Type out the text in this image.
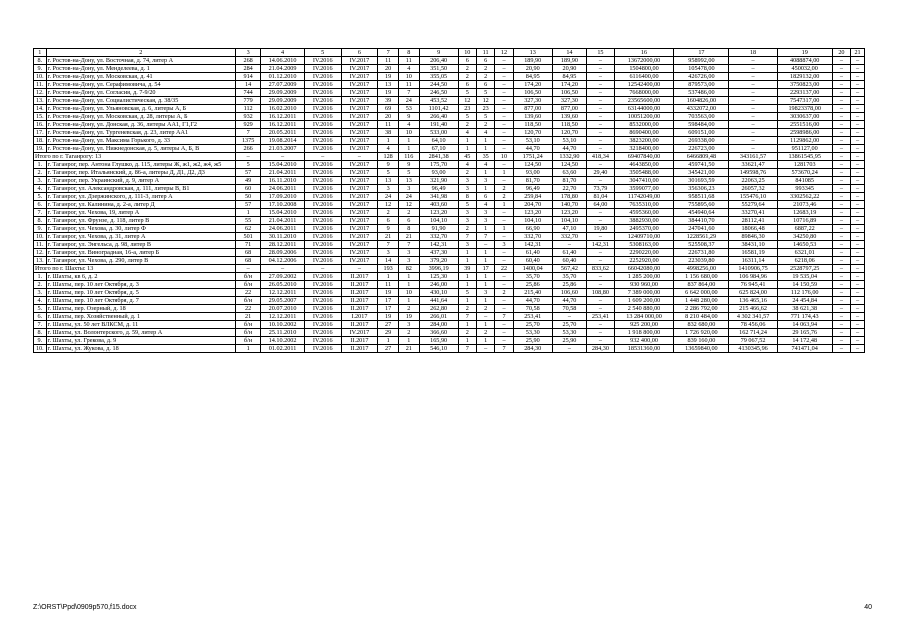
1	2	3	4	5	6	7	8	9	10	11	12	13	14	15	16	17	18	19	20	21
8.	г. Ростов-на-Дону, ул. Восточная, д. 74, литер А	268	14.06.2010	IV.2016	IV.2017	11	11	206,40	6	6	–	189,90	189,90	–	13672000,00	958992,00	–	4088874,00	–	–
9.	г. Ростов-на-Дону, ул. Менделеева, д. 1	284	21.04.2009	IV.2016	IV.2017	20	4	351,50	2	2	–	20,90	20,90	–	1504800,00	105478,00	–	450032,00	–	–
10.	г. Ростов-на-Дону, ул. Московская, д. 41	914	01.12.2010	IV.2016	IV.2017	19	10	355,05	2	2	–	84,95	84,95	–	6116400,00	426726,00	–	1829132,00	–	–
11.	г. Ростов-на-Дону, ул. Серафимовича, д. 54	14	27.07.2009	IV.2016	IV.2017	13	11	244,50	6	6	–	174,20	174,20	–	12542400,00	879573,00	–	3750823,00	–	–
12.	г. Ростов-на-Дону, ул. Согласия, д. 7-9/20	744	29.09.2009	IV.2016	IV.2017	19	7	246,50	5	5	–	106,50	106,50	–	7668000,00	537486,00	–	2293137,00	–	–
13.	г. Ростов-на-Дону, ул. Социалистическая, д. 38/35	779	29.09.2009	IV.2016	IV.2017	39	24	453,52	12	12	–	327,30	327,30	–	23565600,00	1604826,00	–	7547317,00	–	–
14.	г. Ростов-на-Дону, ул. Ульяновская, д. 6, литеры А, Б	112	16.02.2010	IV.2016	IV.2017	69	53	1101,42	23	23	–	877,00	877,00	–	63144000,00	4332072,00	–	19823378,00	–	–
15.	г. Ростов-на-Дону, ул. Московская, д. 28, литеры А, Б	932	16.12.2011	IV.2016	IV.2017	20	9	266,40	5	5	–	139,60	139,60	–	10051200,00	703563,00	–	3030637,00	–	–
16.	г. Ростов-на-Дону, ул. Донская, д. 36, литеры АА1, Г1,Г2	929	16.12.2011	IV.2016	IV.2017	11	4	191,40	2	2	–	118,50	118,50	–	8532000,00	598484,00	–	2551516,00	–	–
17.	г. Ростов-на-Дону, ул. Тургеневская, д. 23, литер АА1	7	20.05.2011	IV.2016	IV.2017	38	10	533,00	4	4	–	120,70	120,70	–	8690400,00	609151,00	–	2598986,00	–	–
18.	г. Ростов-на-Дону, ул. Максима Горького, д. 33	1375	19.08.2014	IV.2016	IV.2017	1	1	64,10	1	1	–	53,10	53,10	–	3823200,00	269338,00	–	1129862,00	–	–
19.	г. Ростов-на-Дону, ул. Нижнедонская, д. 5, литеры А, Б, В	266	21.03.2007	IV.2016	IV.2017	4	1	67,10	1	1	–	44,70	44,70	–	3218400,00	226723,00	–	951127,00	–	–
Итого по г. Таганрогу: 13		–	–	–	–	128	116	2841,38	45	35	10	1751,24	1332,90	418,34	69407840,00	6466809,48	343161,57	13861545,95	–	–
1.	г. Таганрог, пер. Антона Глушко, д. 115, литеры Ж, ж1, ж2, ж4, ж5	5	15.04.2010	IV.2016	IV.2017	9	9	175,70	4	4	–	124,50	124,50	–	4643850,00	459741,50	33621,47	1281703	–	–
2.	г. Таганрог, пер. Итальянский, д. 86-а, литеры Д, Д1, Д2, Д3	57	21.04.2011	IV.2016	IV.2017	5	5	93,00	2	1	1	93,00	63,60	29,40	3505488,00	345421,00	149598,76	573670,24	–	–
3.	г. Таганрог, пер. Украинский, д. 9, литер А	49	16.11.2010	IV.2016	IV.2017	13	13	321,90	3	3	–	81,70	81,70	–	3047410,00	301693,59	22063,25	841085	–	–
4.	г. Таганрог, ул. Александровская, д. 111, литеры В, В1	60	24.06.2011	IV.2016	IV.2017	3	3	96,49	3	1	2	96,49	22,70	73,79	3599077,00	356306,23	26057,32	993345	–	–
5.	г. Таганрог, ул. Дзержинского, д. 111-3, литер А	50	17.09.2010	IV.2016	IV.2017	24	24	341,98	8	6	2	259,84	178,80	81,04	11742049,00	958511,68	155476,10	3302562,22	–	–
6.	г. Таганрог, ул. Калинина, д. 2-а, литер Д	57	17.10.2008	IV.2016	IV.2017	12	12	403,60	5	4	1	204,70	140,70	64,00	7635310,00	755895,60	55279,64	21073,46	–	–
7.	г. Таганрог, ул. Чехова, 19, литер А	1	15.04.2010	IV.2016	IV.2017	2	2	123,20	3	3	–	123,20	123,20	–	4595360,00	454940,64	33270,41	12683,19	–	–
8.	г. Таганрог, ул. Фрунзе, д. 118, литер В	55	21.04.2011	IV.2016	IV.2017	6	6	104,10	3	3	–	104,10	104,10	–	3882930,00	384410,70	28112,41	10716,89	–	–
9.	г. Таганрог, ул. Чехова, д. 30, литер Ф	62	24.06.2011	IV.2016	IV.2017	9	8	91,90	2	1	1	66,90	47,10	19,80	2495370,00	247041,60	18066,48	6887,22	–	–
10.	г. Таганрог, ул. Чехова, д. 31, литер А	501	30.11.2010	IV.2016	IV.2017	21	21	332,70	7	7	–	332,70	332,70	–	12409710,00	1228561,29	89846,30	34250,80	–	–
11.	г. Таганрог, ул. Энгельса, д. 98, литер В	71	28.12.2011	IV.2016	IV.2017	7	7	142,31	3	–	3	142,31	–	142,31	5308163,00	525508,37	38431,10	14650,53	–	–
12.	г. Таганрог, ул. Виноградная, 16-а, литер Б	68	28.09.2006	IV.2016	IV.2017	3	3	437,30	1	1	–	61,40	61,40	–	2290220,00	226731,80	16581,19	6321,01	–	–
13.	г. Таганрог, ул. Чехова, д. 290, литер В	68	04.12.2006	IV.2016	IV.2017	14	3	379,20	1	1	–	60,40	60,40	–	2252920,00	223039,80	16311,14	6218,06	–	–
Итого по г. Шахты: 13		–	–	–	–	193	82	3996,19	39	17	22	1400,04	567,42	833,62	66042080,00	4998256,00	1410906,75	2528797,25	–	–
1.	г. Шахты, кв 6, д. 2	б/н	27.09.2002	IV.2016	II.2017	1	1	125,30	1	1	–	35,70	35,70	–	1 285 200,00	1 156 680,00	106 984,96	19 535,04	–	–
2.	г. Шахты, пер. 10 лет Октября, д. 3	б/н	26.05.2010	IV.2016	II.2017	11	1	246,00	1	1	–	25,86	25,86	–	930 960,00	837 864,00	76 945,41	14 150,59	–	–
3.	г. Шахты, пер. 10 лет Октября, д. 5	22	12.12.2011	IV.2016	II.2017	19	10	430,10	5	3	2	215,40	106,60	108,80	7 389 000,00	6 642 000,00	625 824,00	112 176,00	–	–
4.	г. Шахты, пер. 10 лет Октября, д. 7	б/н	29.05.2007	IV.2016	II.2017	17	1	441,64	1	1	–	44,70	44,70	–	1 609 200,00	1 448 280,00	136 465,16	24 454,84	–	–
5.	г. Шахты, пер. Озерный, д. 18	22	20.07.2010	IV.2016	II.2017	17	2	262,80	2	2	–	70,58	70,58	–	2 540 880,00	2 286 792,00	215 466,62	38 621,38	–	–
6.	г. Шахты, пер. Хозяйственный, д. 1	21	12.12.2011	IV.2016	I.2017	19	19	266,01	7	–	7	253,41	–	253,41	13 284 000,00	8 210 484,00	4 302 341,57	771 174,43	–	–
7.	г. Шахты, ул. 50 лет ВЛКСМ, д. 11	б/н	10.10.2002	IV.2016	II.2017	27	3	284,00	1	1	–	25,70	25,70	–	925 200,00	832 680,00	78 456,06	14 063,94	–	–
8.	г. Шахты, ул. Волонтерского, д. 59, литер А	б/н	25.11.2010	IV.2016	IV.2017	29	2	366,60	2	2	–	53,30	53,30	–	1 918 800,00	1 726 920,00	162 714,24	29 165,76	–	–
9.	г. Шахты, ул. Грекова, д. 9	б/н	14.10.2002	IV.2016	II.2017	1	1	165,90	1	1	–	25,90	25,90	–	932 400,00	839 160,00	79 067,52	14 172,48	–	–
10.	г. Шахты, ул. Жукова, д. 18	1	01.02.2011	IV.2016	II.2017	27	21	546,10	7	–	7	284,30	–	284,30	18531360,00	13659840,00	4130345,96	741471,04	–	–
Z:\ORST\Ppd\0909p570,f15.docx	40
